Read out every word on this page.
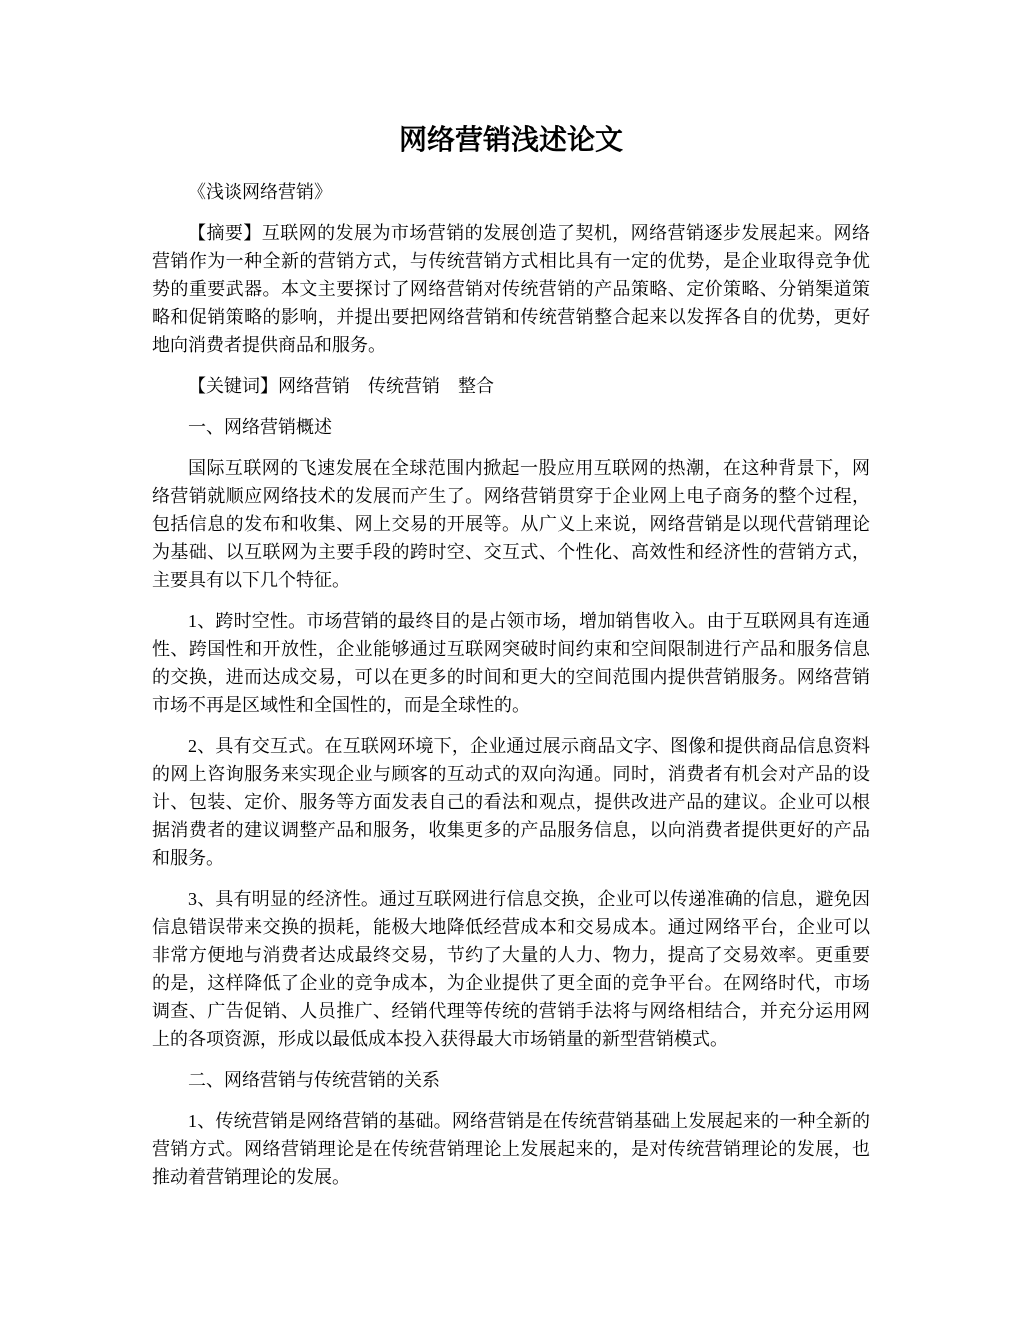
网络营销浅述论文

《浅谈网络营销》

【摘要】互联网的发展为市场营销的发展创造了契机，网络营销逐步发展起来。网络营销作为一种全新的营销方式，与传统营销方式相比具有一定的优势，是企业取得竞争优势的重要武器。本文主要探讨了网络营销对传统营销的产品策略、定价策略、分销榘道策略和促销策略的影响，并提出要把网络营销和传统营销整合起来以发挥各自的优势，更好地向消费者提供商品和服务。

【关键词】网络营销　传统营销　整合

一、网络营销概述

国际互联网的飞速发展在全球范围内掀起一股应用互联网的热潮，在这种背景下，网络营销就顺应网络技术的发展而产生了。网络营销贯穿于企业网上电子商务的整个过程，包括信息的发布和收集、网上交易的开展等。从广义上来说，网络营销是以现代营销理论为基础、以互联网为主要手段的跨时空、交互式、个性化、高效性和经济性的营销方式，主要具有以下几个特征。

1、跨时空性。市场营销的最终目的是占领市场，增加销售收入。由于互联网具有连通性、跨国性和开放性，企业能够通过互联网突破时间约束和空间限制进行产品和服务信息的交换，进而达成交易，可以在更多的时间和更大的空间范围内提供营销服务。网络营销市场不再是区域性和全国性的，而是全球性的。

2、具有交互式。在互联网环境下，企业通过展示商品文字、图像和提供商品信息资料的网上咨询服务来实现企业与顾客的互动式的双向沟通。同时，消费者有机会对产品的设计、包装、定价、服务等方面发表自己的看法和观点，提供改进产品的建议。企业可以根据消费者的建议调整产品和服务，收集更多的产品服务信息，以向消费者提供更好的产品和服务。

3、具有明显的经济性。通过互联网进行信息交换，企业可以传递准确的信息，避免因信息错误带来交换的损耗，能极大地降低经营成本和交易成本。通过网络平台，企业可以非常方便地与消费者达成最终交易，节约了大量的人力、物力，提高了交易效率。更重要的是，这样降低了企业的竞争成本，为企业提供了更全面的竞争平台。在网络时代，市场调查、广告促销、人员推广、经销代理等传统的营销手法将与网络相结合，并充分运用网上的各项资源，形成以最低成本投入获得最大市场销量的新型营销模式。

二、网络营销与传统营销的关系

1、传统营销是网络营销的基础。网络营销是在传统营销基础上发展起来的一种全新的营销方式。网络营销理论是在传统营销理论上发展起来的，是对传统营销理论的发展，也推动着营销理论的发展。
